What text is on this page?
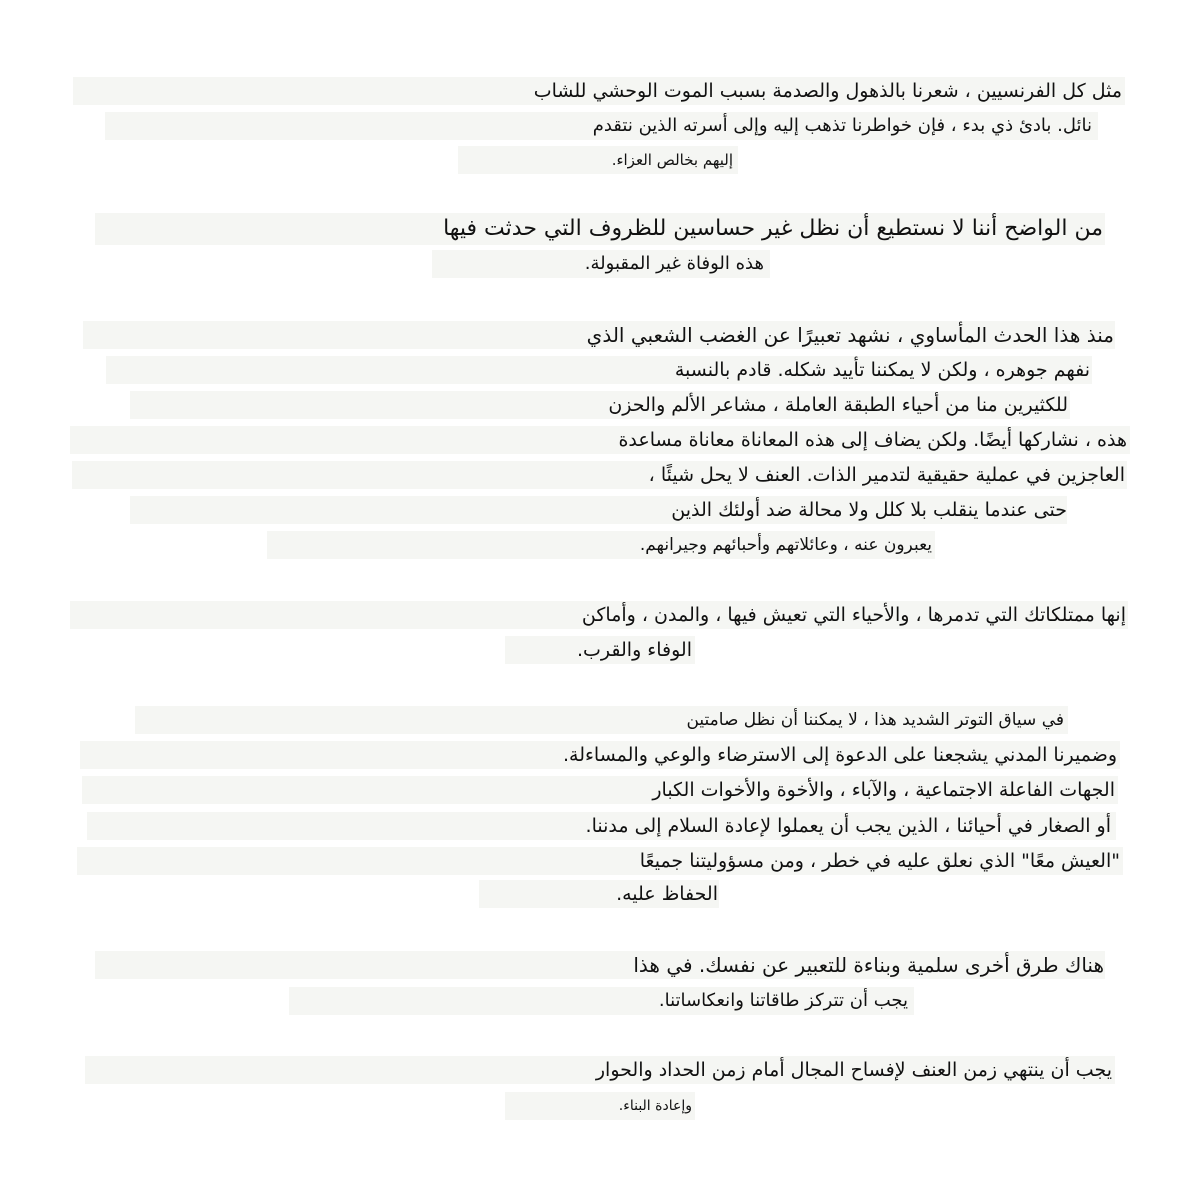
مثل كل الفرنسيين ، شعرنا بالذهول والصدمة بسبب الموت الوحشي للشاب
نائل. بادئ ذي بدء ، فإن خواطرنا تذهب إليه وإلى أسرته الذين نتقدم
إليهم بخالص العزاء.
من الواضح أننا لا نستطيع أن نظل غير حساسين للظروف التي حدثت فيها
هذه الوفاة غير المقبولة.
منذ هذا الحدث المأساوي ، نشهد تعبيرًا عن الغضب الشعبي الذي
نفهم جوهره ، ولكن لا يمكننا تأييد شكله. قادم بالنسبة
للكثيرين منا من أحياء الطبقة العاملة ، مشاعر الألم والحزن
هذه ، نشاركها أيضًا. ولكن يضاف إلى هذه المعاناة معاناة مساعدة
العاجزين في عملية حقيقية لتدمير الذات. العنف لا يحل شيئًا ،
حتى عندما ينقلب بلا كلل ولا محالة ضد أولئك الذين
يعبرون عنه ، وعائلاتهم وأحبائهم وجيرانهم.
إنها ممتلكاتك التي تدمرها ، والأحياء التي تعيش فيها ، والمدن ، وأماكن
الوفاء والقرب.
في سياق التوتر الشديد هذا ، لا يمكننا أن نظل صامتين
وضميرنا المدني يشجعنا على الدعوة إلى الاسترضاء والوعي والمساءلة.
الجهات الفاعلة الاجتماعية ، والآباء ، والأخوة والأخوات الكبار
أو الصغار في أحيائنا ، الذين يجب أن يعملوا لإعادة السلام إلى مدننا.
"العيش معًا" الذي نعلق عليه في خطر ، ومن مسؤوليتنا جميعًا
الحفاظ عليه.
هناك طرق أخرى سلمية وبناءة للتعبير عن نفسك. في هذا
يجب أن تتركز طاقاتنا وانعكاساتنا.
يجب أن ينتهي زمن العنف لإفساح المجال أمام زمن الحداد والحوار
وإعادة البناء.
